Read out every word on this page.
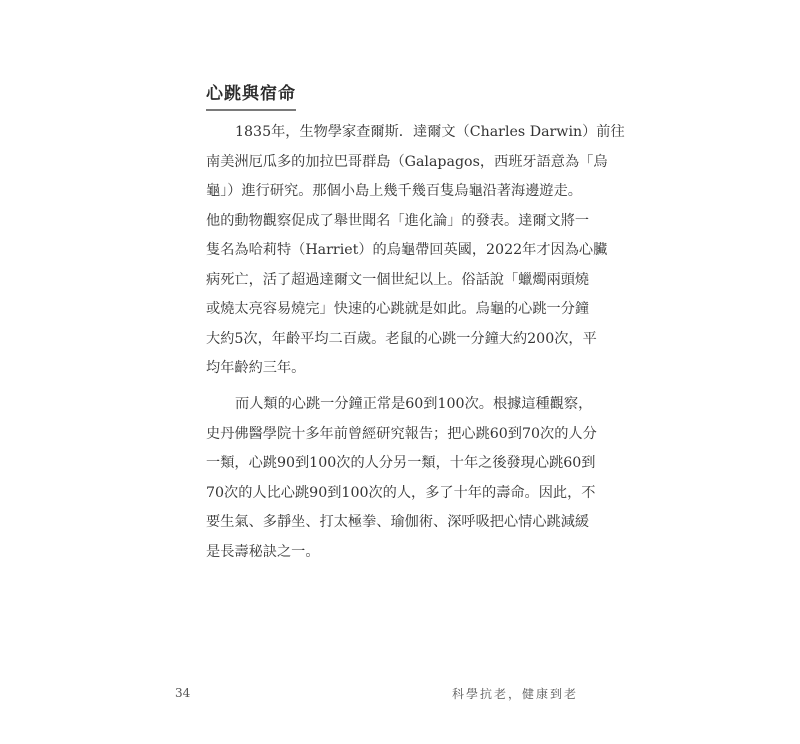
心跳與宿命
1835年，生物學家查爾斯．達爾文（Charles Darwin）前往
南美洲厄瓜多的加拉巴哥群島（Galapagos，西班牙語意為「烏
龜」）進行研究。那個小島上幾千幾百隻烏龜沿著海邊遊走。
他的動物觀察促成了舉世聞名「進化論」的發表。達爾文將一
隻名為哈莉特（Harriet）的烏龜帶回英國，2022年才因為心臟
病死亡，活了超過達爾文一個世紀以上。俗話說「蠟燭兩頭燒
或燒太亮容易燒完」快速的心跳就是如此。烏龜的心跳一分鐘
大約5次，年齡平均二百歲。老鼠的心跳一分鐘大約200次，平
均年齡約三年。
而人類的心跳一分鐘正常是60到100次。根據這種觀察，
史丹佛醫學院十多年前曾經研究報告；把心跳60到70次的人分
一類，心跳90到100次的人分另一類，十年之後發現心跳60到
70次的人比心跳90到100次的人，多了十年的壽命。因此，不
要生氣、多靜坐、打太極拳、瑜伽術、深呼吸把心情心跳減緩
是長壽秘訣之一。
34	科學抗老，健康到老
